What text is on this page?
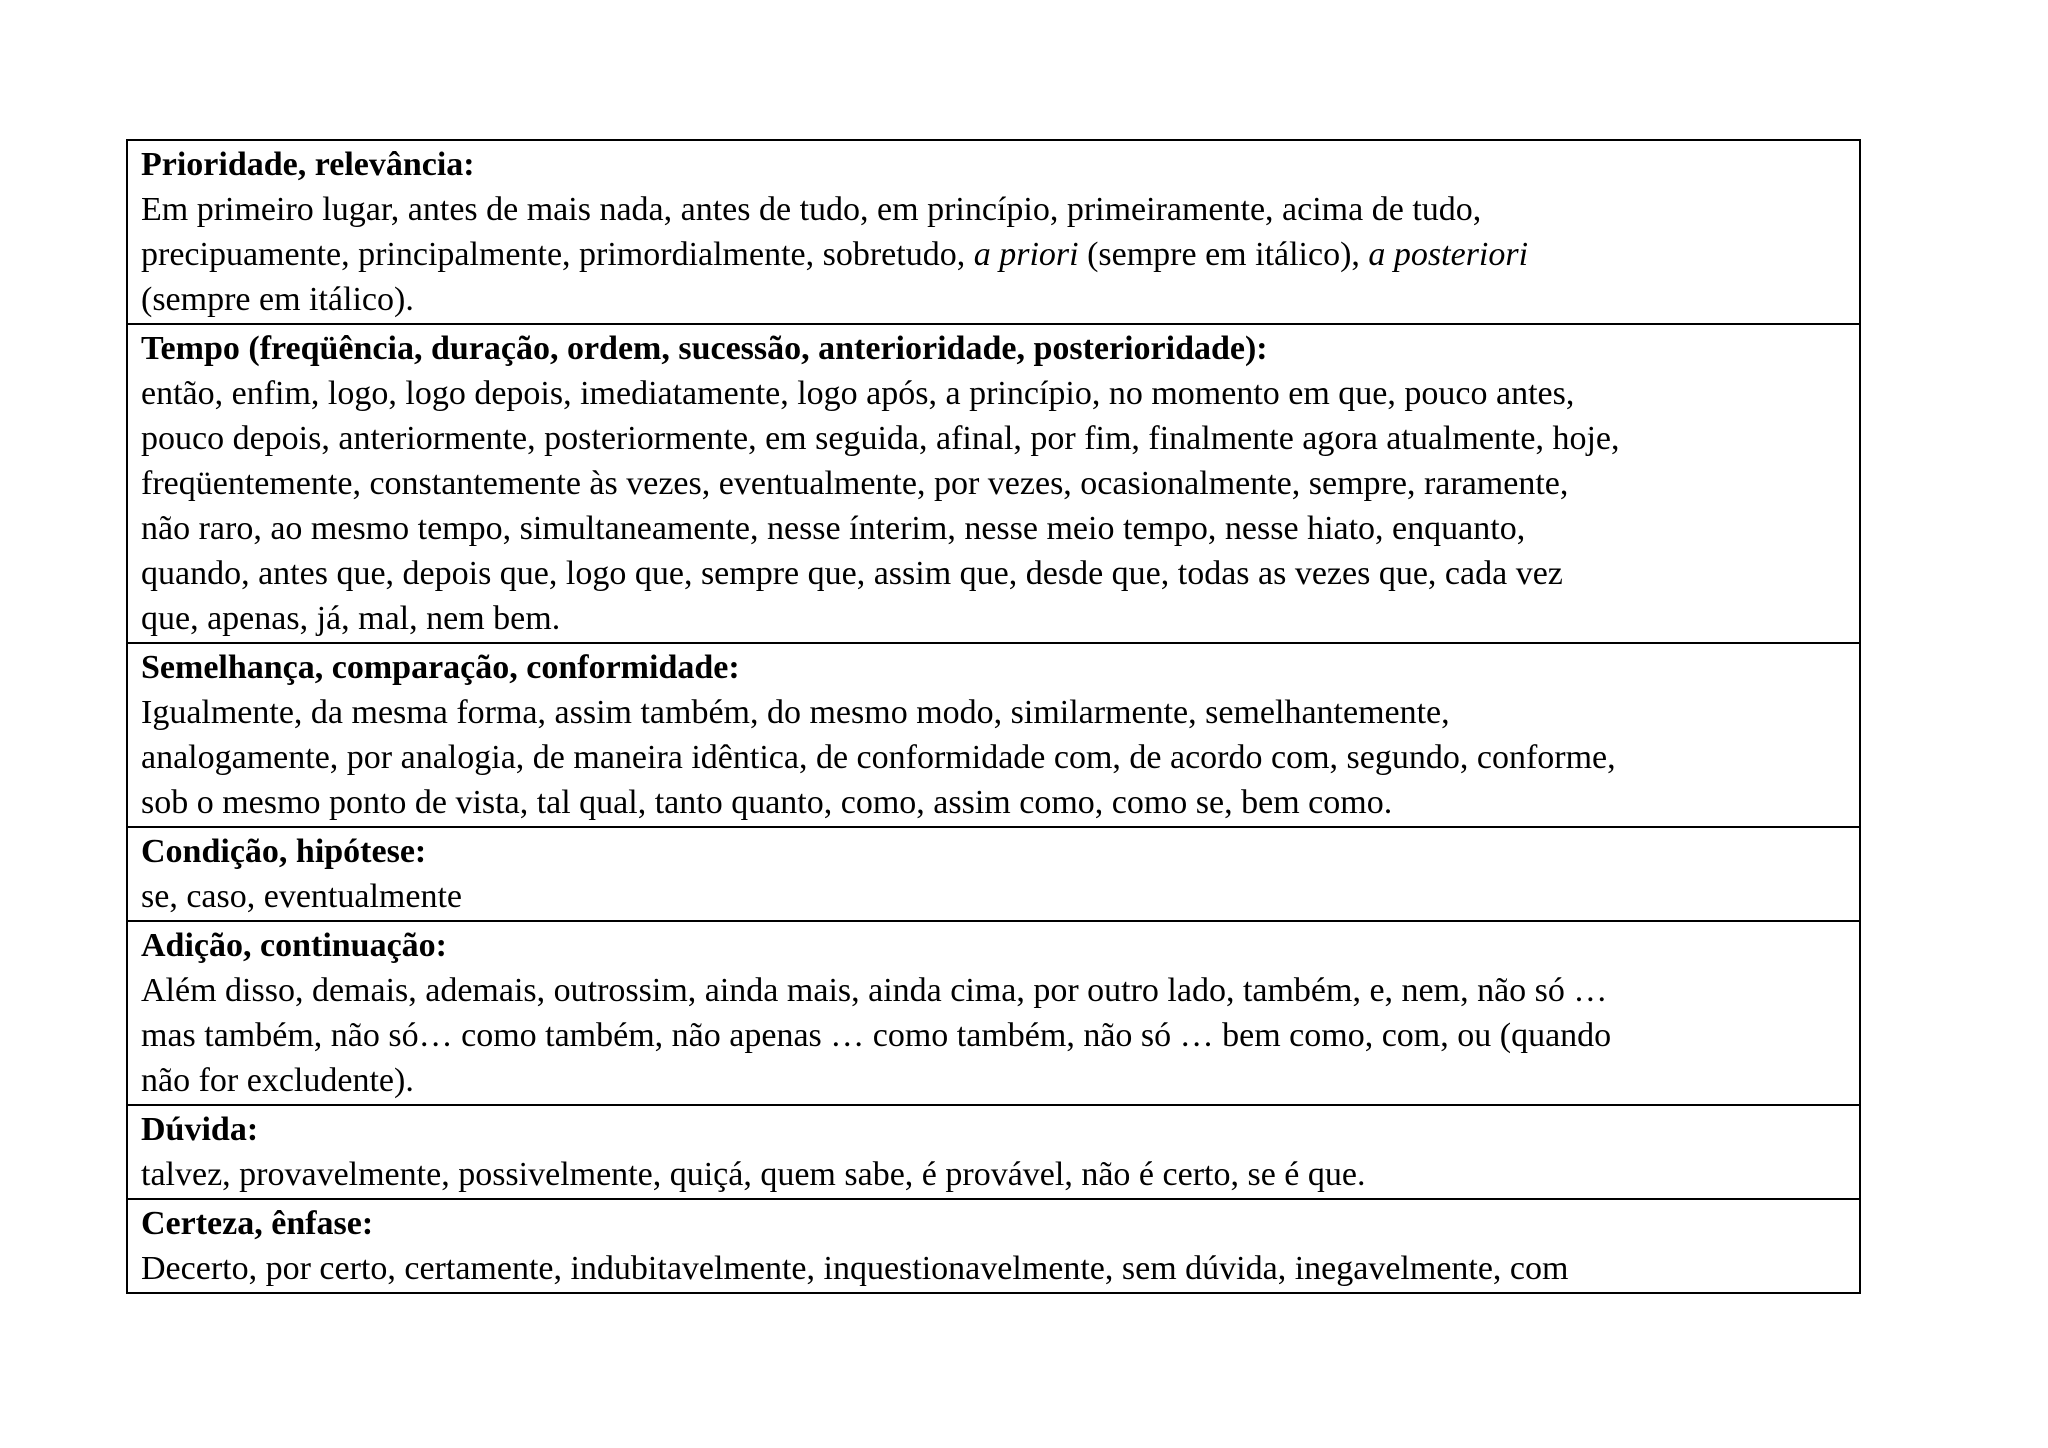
Prioridade, relevância:
Em primeiro lugar, antes de mais nada, antes de tudo, em princípio, primeiramente, acima de tudo,
precipuamente, principalmente, primordialmente, sobretudo, a priori (sempre em itálico), a posteriori
(sempre em itálico).

Tempo (freqüência, duração, ordem, sucessão, anterioridade, posterioridade):
então, enfim, logo, logo depois, imediatamente, logo após, a princípio, no momento em que, pouco antes,
pouco depois, anteriormente, posteriormente, em seguida, afinal, por fim, finalmente agora atualmente, hoje,
freqüentemente, constantemente às vezes, eventualmente, por vezes, ocasionalmente, sempre, raramente,
não raro, ao mesmo tempo, simultaneamente, nesse ínterim, nesse meio tempo, nesse hiato, enquanto,
quando, antes que, depois que, logo que, sempre que, assim que, desde que, todas as vezes que, cada vez
que, apenas, já, mal, nem bem.

Semelhança, comparação, conformidade:
Igualmente, da mesma forma, assim também, do mesmo modo, similarmente, semelhantemente,
analogamente, por analogia, de maneira idêntica, de conformidade com, de acordo com, segundo, conforme,
sob o mesmo ponto de vista, tal qual, tanto quanto, como, assim como, como se, bem como.

Condição, hipótese:
se, caso, eventualmente

Adição, continuação:
Além disso, demais, ademais, outrossim, ainda mais, ainda cima, por outro lado, também, e, nem, não só …
mas também, não só… como também, não apenas … como também, não só … bem como, com, ou (quando
não for excludente).

Dúvida:
talvez, provavelmente, possivelmente, quiçá, quem sabe, é provável, não é certo, se é que.

Certeza, ênfase:
Decerto, por certo, certamente, indubitavelmente, inquestionavelmente, sem dúvida, inegavelmente, com
